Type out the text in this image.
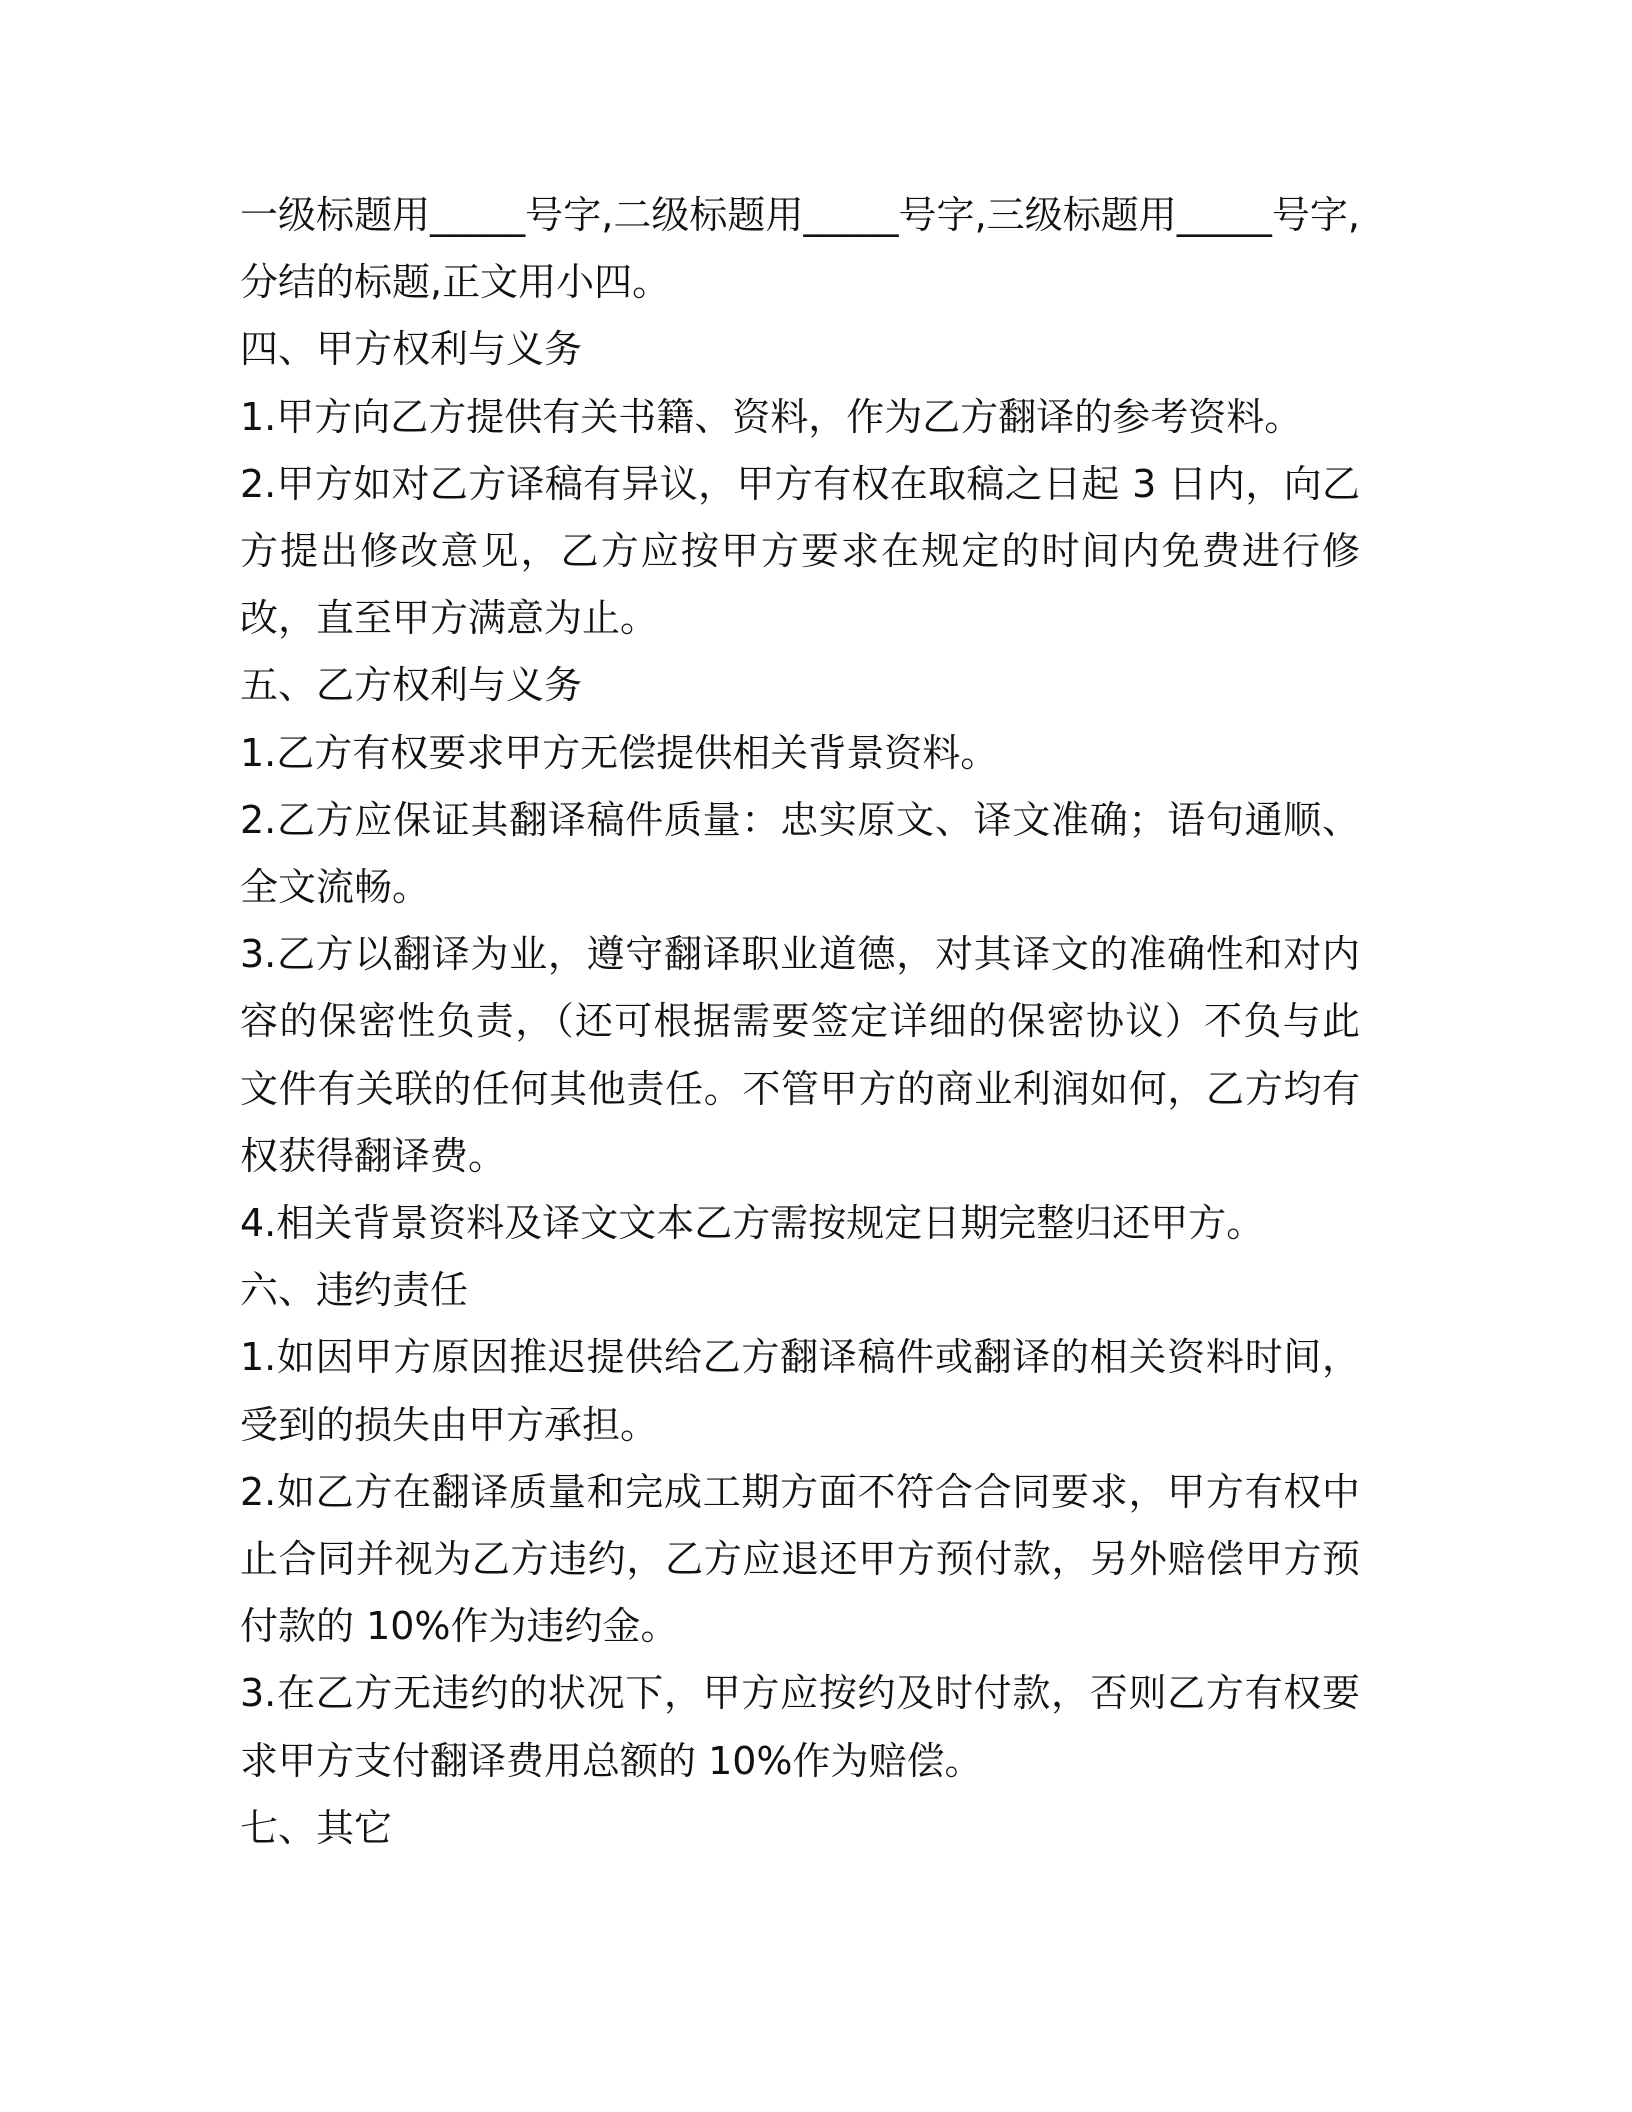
一级标题用_____号字,二级标题用_____号字,三级标题用_____号字,分结的标题,正文用小四。

四、甲方权利与义务

1.甲方向乙方提供有关书籍、资料，作为乙方翻译的参考资料。

2.甲方如对乙方译稿有异议，甲方有权在取稿之日起 3 日内，向乙方提出修改意见，乙方应按甲方要求在规定的时间内免费进行修改，直至甲方满意为止。

五、乙方权利与义务

1.乙方有权要求甲方无偿提供相关背景资料。

2.乙方应保证其翻译稿件质量：忠实原文、译文准确；语句通顺、全文流畅。

3.乙方以翻译为业，遵守翻译职业道德，对其译文的准确性和对内容的保密性负责，（还可根据需要签定详细的保密协议）不负与此文件有关联的任何其他责任。不管甲方的商业利润如何，乙方均有权获得翻译费。

4.相关背景资料及译文文本乙方需按规定日期完整归还甲方。

六、违约责任

1.如因甲方原因推迟提供给乙方翻译稿件或翻译的相关资料时间，受到的损失由甲方承担。

2.如乙方在翻译质量和完成工期方面不符合合同要求，甲方有权中止合同并视为乙方违约，乙方应退还甲方预付款，另外赔偿甲方预付款的 10%作为违约金。

3.在乙方无违约的状况下，甲方应按约及时付款，否则乙方有权要求甲方支付翻译费用总额的 10%作为赔偿。

七、其它
